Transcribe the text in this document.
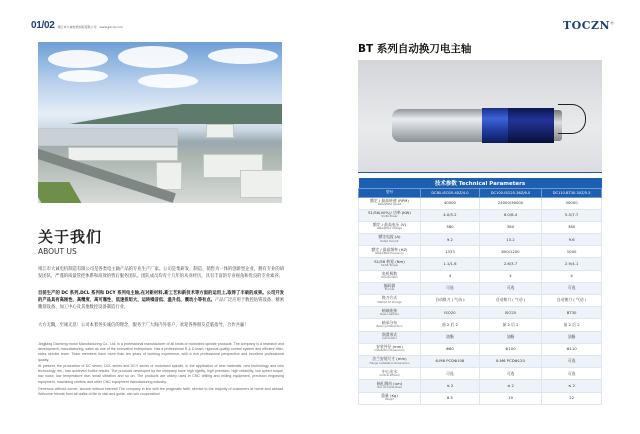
01/02 靖江市大诚电机制造有限公司 www.jjdcdj.com
关于我们
ABOUT US

靖江市大诚电机制造有限公司是各类电主轴产品的专业生产厂家。公司是集研发、制造、销售为一体的创新型企业。拥有专业的研发团队，严谨的质量管控体系和高效的售后服务团队。团队成员均有十几年的从业经历，具有丰富的专业视角和优良的专业素养。

目前生产的 DC 系列,DCL 系列和 DCY 系列电主轴,在对新材料,新工艺和新技术等方面的运用上,取得了丰硕的成果。公司开发的产品具有高刚性、高精度、高可靠性、低速扭矩大、运转噪音低、温升低、震动小等有点。产品广泛应用于数控钻铣设备、精密雕刻设备、加工中心及其他数控设备制造行业。

大方无隅，至诚无息！公司本着务实诚信的理念，服务于广大海内外客户，欢迎各界朋友莅临指导，合作共赢！

Jingjiang Dacheng motor Manufacturing Co., Ltd. is a professional manufacturer of all kinds of motorized spindle products. The company is a research and development, manufacturing, sales as one of the innovative enterprises. Has a professional R & D team, rigorous quality control system and efficient after-sales service team. Team members have more than ten years of working experience, with a rich professional perspective and excellent professional quality.

At present, the production of DC series, DCL series and DCY series of motorized spindle, in the application of new materials, new technology and new technology, etc., has achieved fruitful results. The products developed by the company have high rigidity, high precision, high reliability, low speed torque, low noise, low temperature rise, small vibration and so on. The products are widely used in CNC drilling and milling equipment, precision engraving equipment, machining centers and other CNC equipment manufacturing industry.

Generous without corner, sincere without interest! The company in line with the pragmatic faith, service to the majority of customers at home and abroad. Welcome friends from all walks of life to visit and guide, win-win cooperation!

TOCZN®
BT 系列自动换刀电主轴
技术参数 Technical Parameters			
型号	DC80-ISO20-40Z/4.0	DC100-ISO25-36Z/6.0	DC110-BT30-30Z/5.5
额定 / 最高转速 (RPM)
Rated/MAX Speed	40000	24000/36000	30000
S1/S6(40%)/ 功率 (KW)
S1/S6 Power	4.0/5.2	6.0/8.4	5.5/7.7
额定 / 最高电压 (V)
Rated/MAX Voltage	380	380	380
额定电流 (A)
Rated Current	9.2	13.2	9.6
额定 / 最高频率 (HZ)
Rated/MAX Frequency	1333	800/1200	1000
S1/S6 转矩 (Nm)
S1/S6 Torque	1.1/1.6	2.6/3.7	2.9/4.1
电机极数
Pole Number	4	4	4
编码器
Encode	可选	可选	可选
换刀方式
Method Of Change	自动换刀 ( 气动 )	自动换刀 ( 气动 )	自动换刀 ( 气动 )
轴端连接
Nose Interface	ISO20	ISO25	BT30
轴承分布
Bearing Distribution	前 2 后 2	前 2 后 2	前 2 后 2
润滑形式
Lubrication	油脂	油脂	油脂
安装外径 (mm)
Installation Dimensions	Φ80	Φ100	Φ110
法兰安装尺寸 (mm)
Flange Installation Dimensions	6-M6 PCDΦ108	8-M6 PCDΦ120	可选
中心出水
Central effluent	可选	可选	可选
轴孔跳动 (um)
Run At Inside Nose	≤ 2	≤ 2	≤ 2
重量 (Kg)
Weight	8.5	19	22
